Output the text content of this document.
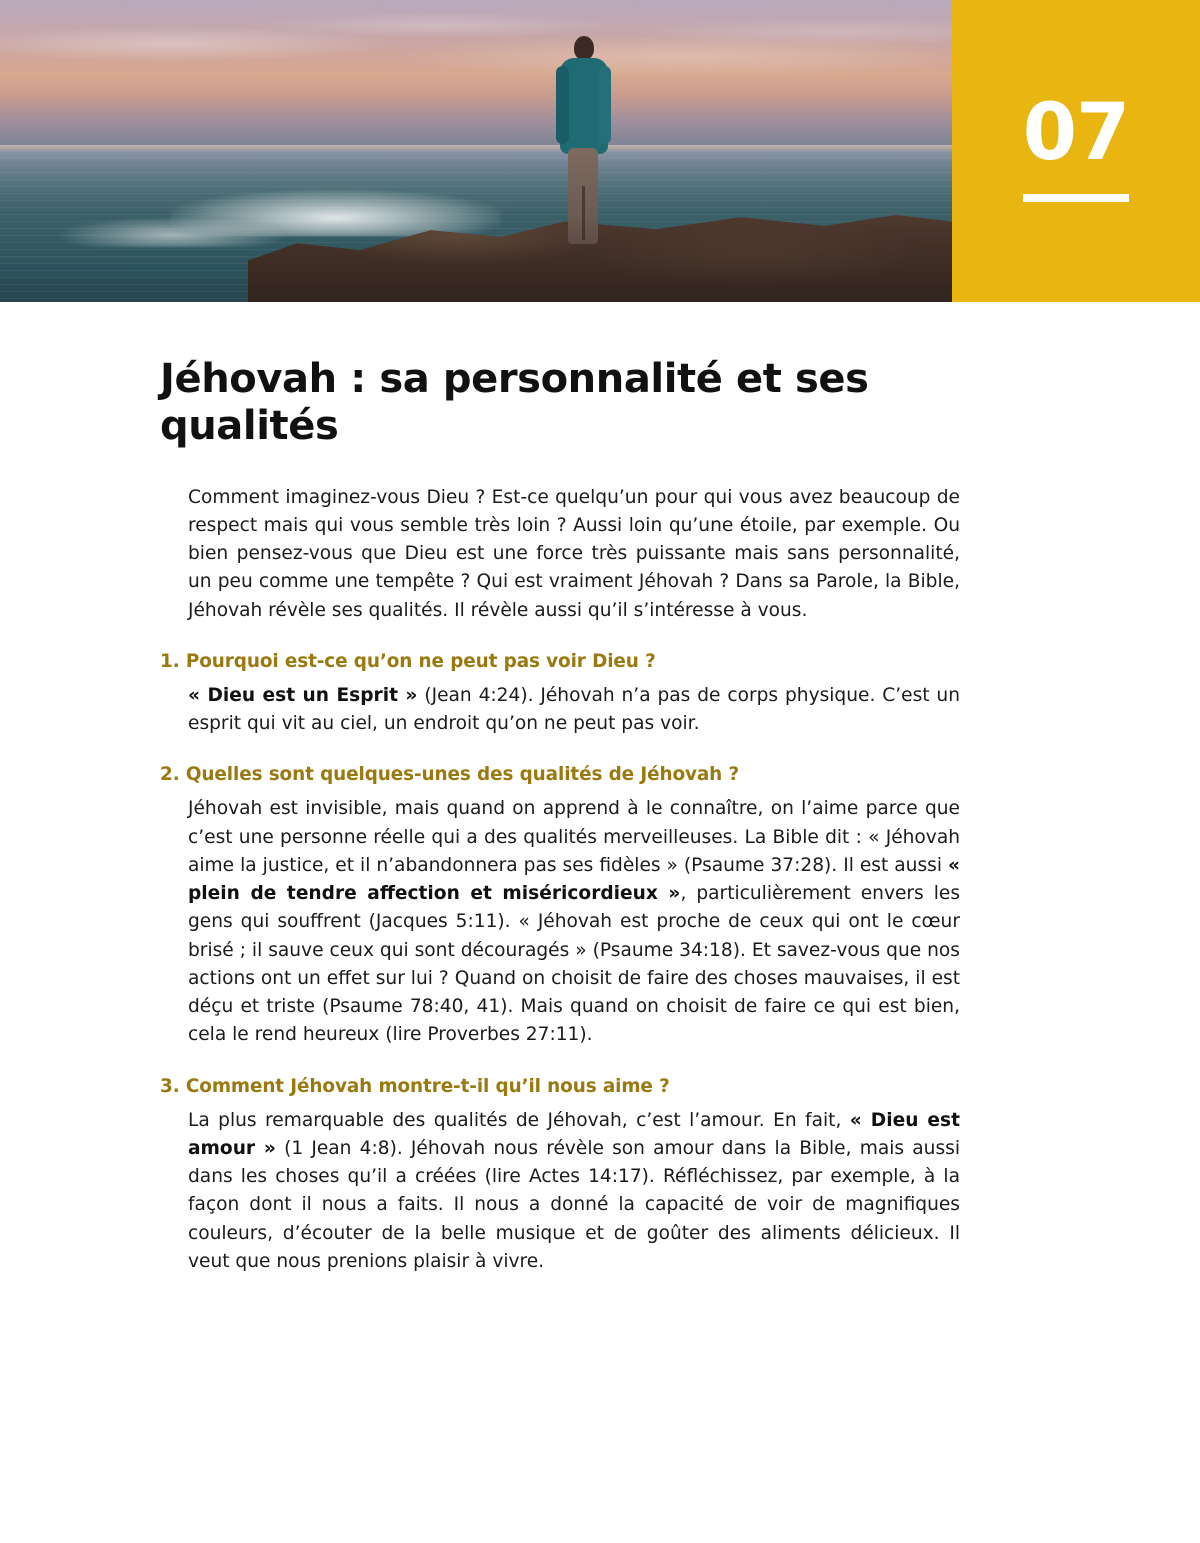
07
Jéhovah : sa personnalité et ses qualités

Comment imaginez-vous Dieu ? Est-ce quelqu’un pour qui vous avez beaucoup de respect mais qui vous semble très loin ? Aussi loin qu’une étoile, par exemple. Ou bien pensez-vous que Dieu est une force très puissante mais sans personnalité, un peu comme une tempête ? Qui est vraiment Jéhovah ? Dans sa Parole, la Bible, Jéhovah révèle ses qualités. Il révèle aussi qu’il s’intéresse à vous.

1. Pourquoi est-ce qu’on ne peut pas voir Dieu ?

« Dieu est un Esprit » (Jean 4:24). Jéhovah n’a pas de corps physique. C’est un esprit qui vit au ciel, un endroit qu’on ne peut pas voir.

2. Quelles sont quelques-unes des qualités de Jéhovah ?

Jéhovah est invisible, mais quand on apprend à le connaître, on l’aime parce que c’est une personne réelle qui a des qualités merveilleuses. La Bible dit : « Jéhovah aime la justice, et il n’abandonnera pas ses fidèles » (Psaume 37:28). Il est aussi « plein de tendre affection et miséricordieux », particulièrement envers les gens qui souffrent (Jacques 5:11). « Jéhovah est proche de ceux qui ont le cœur brisé ; il sauve ceux qui sont découragés » (Psaume 34:18). Et savez-vous que nos actions ont un effet sur lui ? Quand on choisit de faire des choses mauvaises, il est déçu et triste (Psaume 78:40, 41). Mais quand on choisit de faire ce qui est bien, cela le rend heureux (lire Proverbes 27:11).

3. Comment Jéhovah montre-t-il qu’il nous aime ?

La plus remarquable des qualités de Jéhovah, c’est l’amour. En fait, « Dieu est amour » (1 Jean 4:8). Jéhovah nous révèle son amour dans la Bible, mais aussi dans les choses qu’il a créées (lire Actes 14:17). Réfléchissez, par exemple, à la façon dont il nous a faits. Il nous a donné la capacité de voir de magnifiques couleurs, d’écouter de la belle musique et de goûter des aliments délicieux. Il veut que nous prenions plaisir à vivre.
